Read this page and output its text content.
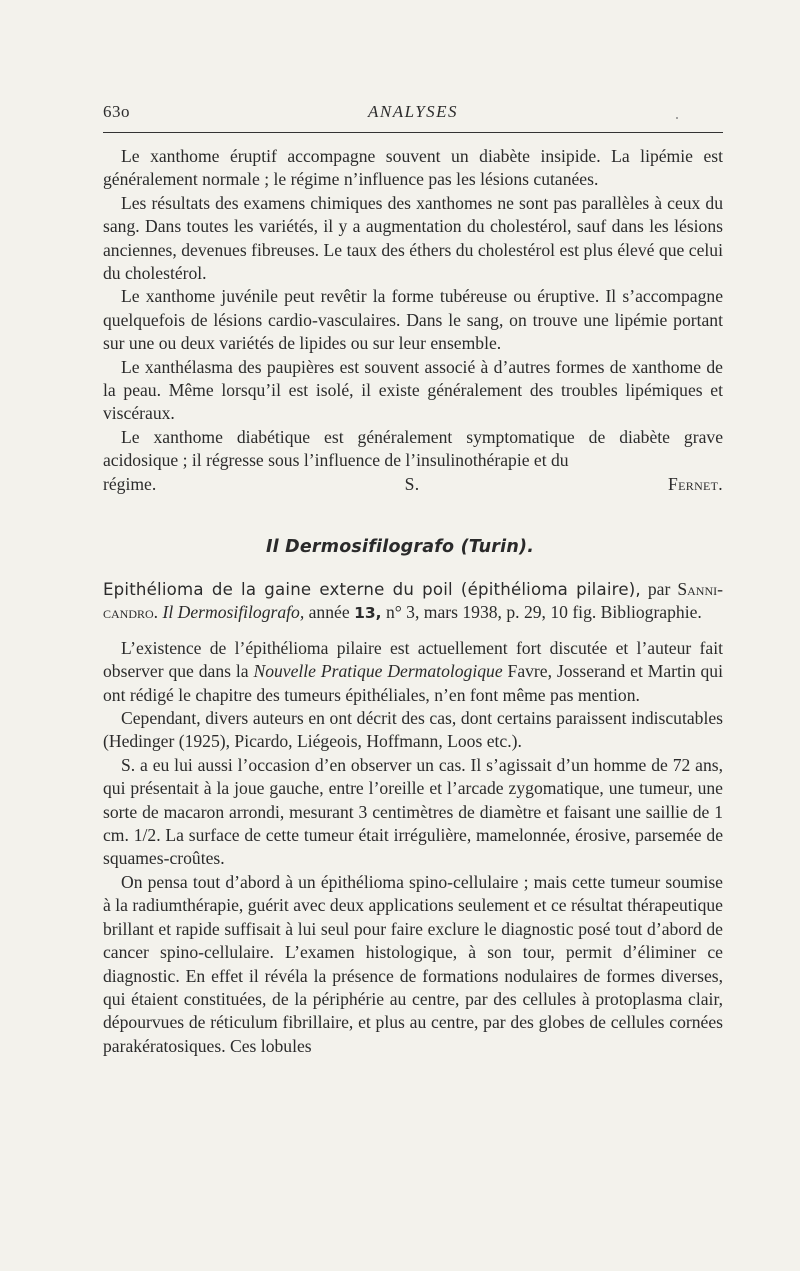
63o	ANALYSES

Le xanthome éruptif accompagne souvent un diabète insipide. La lipémie est généralement normale ; le régime n’influence pas les lésions cutanées.

Les résultats des examens chimiques des xanthomes ne sont pas parallèles à ceux du sang. Dans toutes les variétés, il y a augmentation du cholestérol, sauf dans les lésions anciennes, devenues fibreuses. Le taux des éthers du cholestérol est plus élevé que celui du cholestérol.

Le xanthome juvénile peut revêtir la forme tubéreuse ou éruptive. Il s’accompagne quelquefois de lésions cardio-vasculaires. Dans le sang, on trouve une lipémie portant sur une ou deux variétés de lipides ou sur leur ensemble.

Le xanthélasma des paupières est souvent associé à d’autres formes de xanthome de la peau. Même lorsqu’il est isolé, il existe généralement des troubles lipémiques et viscéraux.

Le xanthome diabétique est généralement symptomatique de diabète grave acidosique ; il régresse sous l’influence de l’insulinothérapie et du

régime.	S. Fernet.

Il Dermosifilografo (Turin).

Epithélioma de la gaine externe du poil (épithélioma pilaire), par Sanni-candro. Il Dermosifilografo, année 13, n° 3, mars 1938, p. 29, 10 fig. Bibliographie.

L’existence de l’épithélioma pilaire est actuellement fort discutée et l’auteur fait observer que dans la Nouvelle Pratique Dermatologique Favre, Josserand et Martin qui ont rédigé le chapitre des tumeurs épithéliales, n’en font même pas mention.

Cependant, divers auteurs en ont décrit des cas, dont certains paraissent indiscutables (Hedinger (1925), Picardo, Liégeois, Hoffmann, Loos etc.).

S. a eu lui aussi l’occasion d’en observer un cas. Il s’agissait d’un homme de 72 ans, qui présentait à la joue gauche, entre l’oreille et l’arcade zygomatique, une tumeur, une sorte de macaron arrondi, mesurant 3 centimètres de diamètre et faisant une saillie de 1 cm. 1/2. La surface de cette tumeur était irrégulière, mamelonnée, érosive, parsemée de squames-croûtes.

On pensa tout d’abord à un épithélioma spino-cellulaire ; mais cette tumeur soumise à la radiumthérapie, guérit avec deux applications seulement et ce résultat thérapeutique brillant et rapide suffisait à lui seul pour faire exclure le diagnostic posé tout d’abord de cancer spino-cellulaire. L’examen histologique, à son tour, permit d’éliminer ce diagnostic. En effet il révéla la présence de formations nodulaires de formes diverses, qui étaient constituées, de la périphérie au centre, par des cellules à protoplasma clair, dépourvues de réticulum fibrillaire, et plus au centre, par des globes de cellules cornées parakératosiques. Ces lobules
